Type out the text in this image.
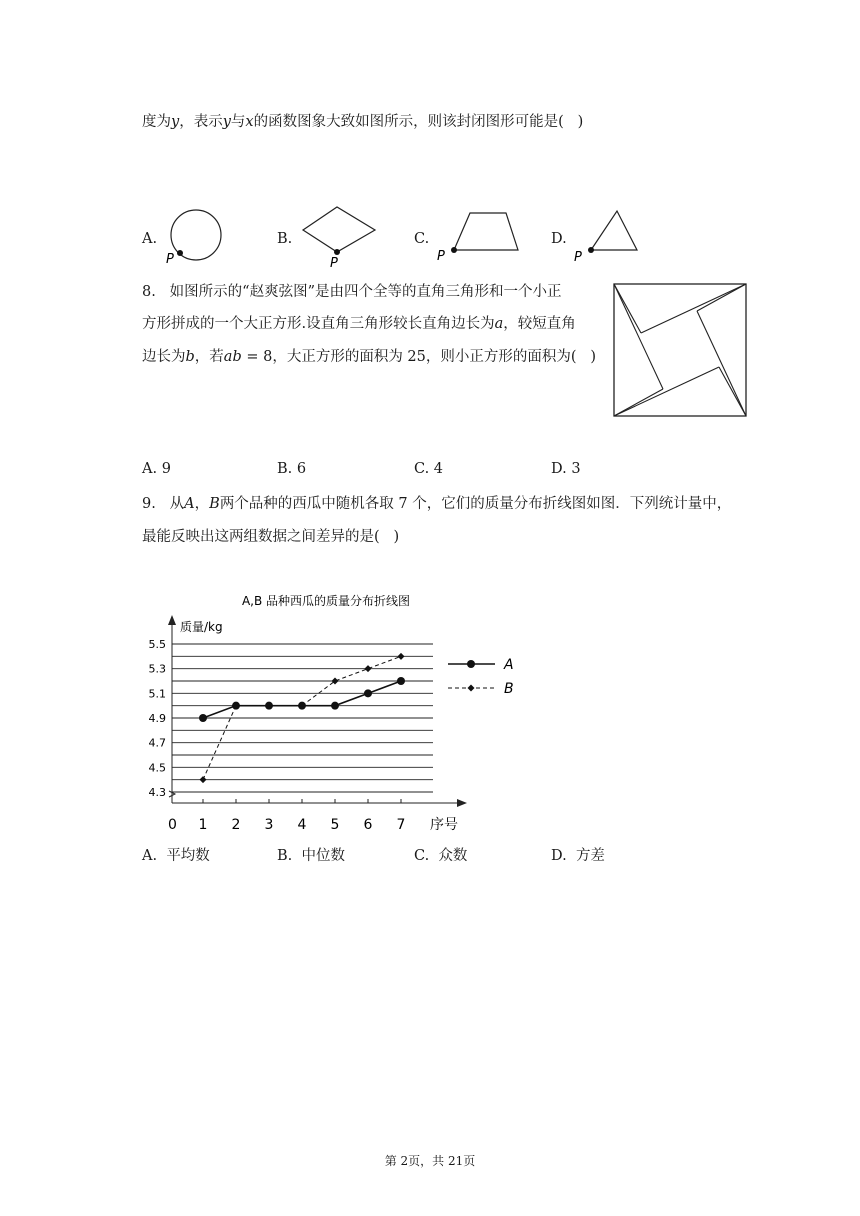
度为y，表示y与x的函数图象大致如图所示，则该封闭图形可能是( )
A.
P
B.
P
C.
P
D.
P
8. 如图所示的“赵爽弦图”是由四个全等的直角三角形和一个小正
方形拼成的一个大正方形.设直角三角形较长直角边长为a，较短直角
边长为b，若ab = 8，大正方形的面积为 25，则小正方形的面积为( )
A. 9	B. 6	C. 4	D. 3
9. 从A，B两个品种的西瓜中随机各取 7 个，它们的质量分布折线图如图．下列统计量中，
最能反映出这两组数据之间差异的是( )
A,B 品种西瓜的质量分布折线图
质量/kg
序号
0
4.3
4.5
4.7
4.9
5.1
5.3
5.5
1 2 3 4 5 6 7
A
B
A. 平均数	B. 中位数	C. 众数	D. 方差
第 2页，共 21页
